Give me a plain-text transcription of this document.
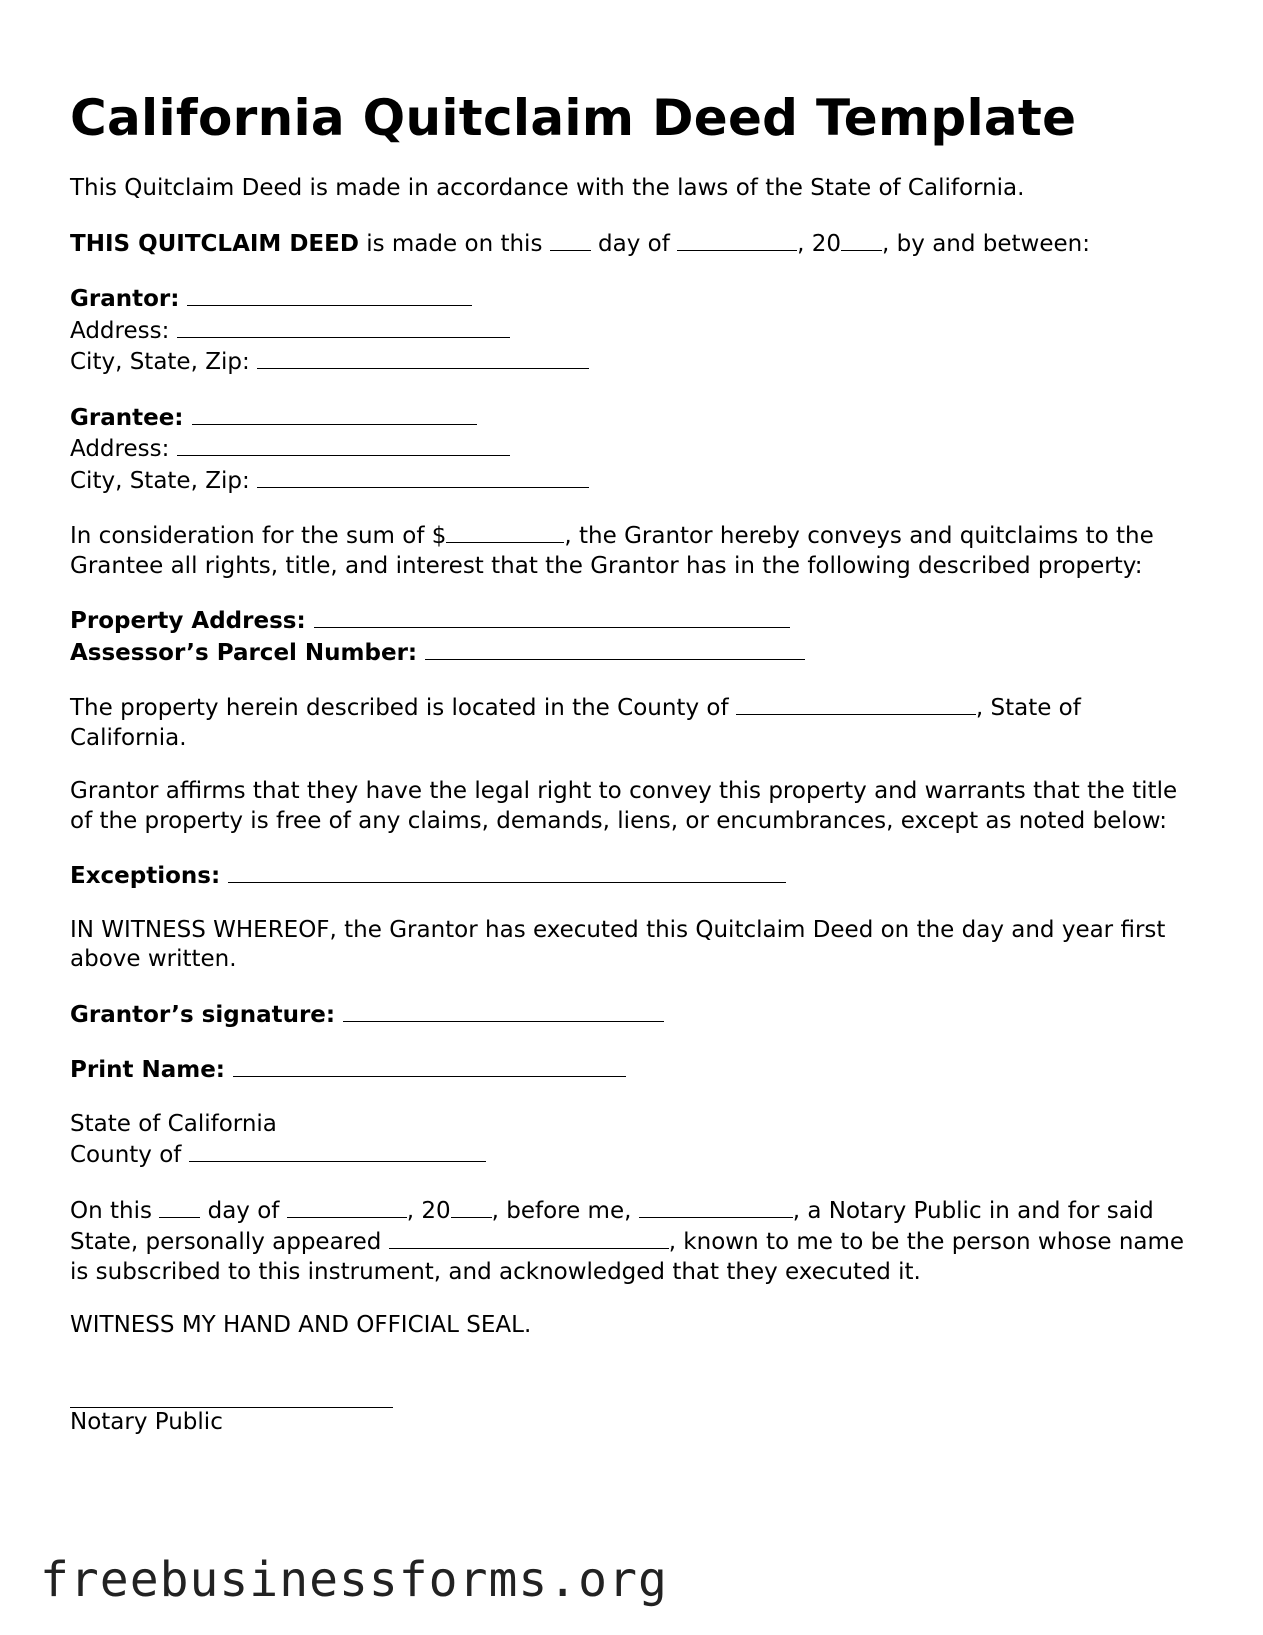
California Quitclaim Deed Template

This Quitclaim Deed is made in accordance with the laws of the State of California.

THIS QUITCLAIM DEED is made on this  day of	, 20 , by and between:

Grantor:
Address:
City, State, Zip:

Grantee:
Address:
City, State, Zip:

In consideration for the sum of $	, the Grantor hereby conveys and quitclaims to the Grantee all rights, title, and interest that the Grantor has in the following described property:

Property Address:
Assessor’s Parcel Number:

The property herein described is located in the County of	, State of California.

Grantor affirms that they have the legal right to convey this property and warrants that the title of the property is free of any claims, demands, liens, or encumbrances, except as noted below:

Exceptions:

IN WITNESS WHEREOF, the Grantor has executed this Quitclaim Deed on the day and year first above written.

Grantor’s signature:

Print Name:

State of California
County of

On this  day of	, 20 , before me,	, a Notary Public in and for said State, personally appeared	, known to me to be the person whose name is subscribed to this instrument, and acknowledged that they executed it.

WITNESS MY HAND AND OFFICIAL SEAL.

Notary Public

freebusinessforms.org
